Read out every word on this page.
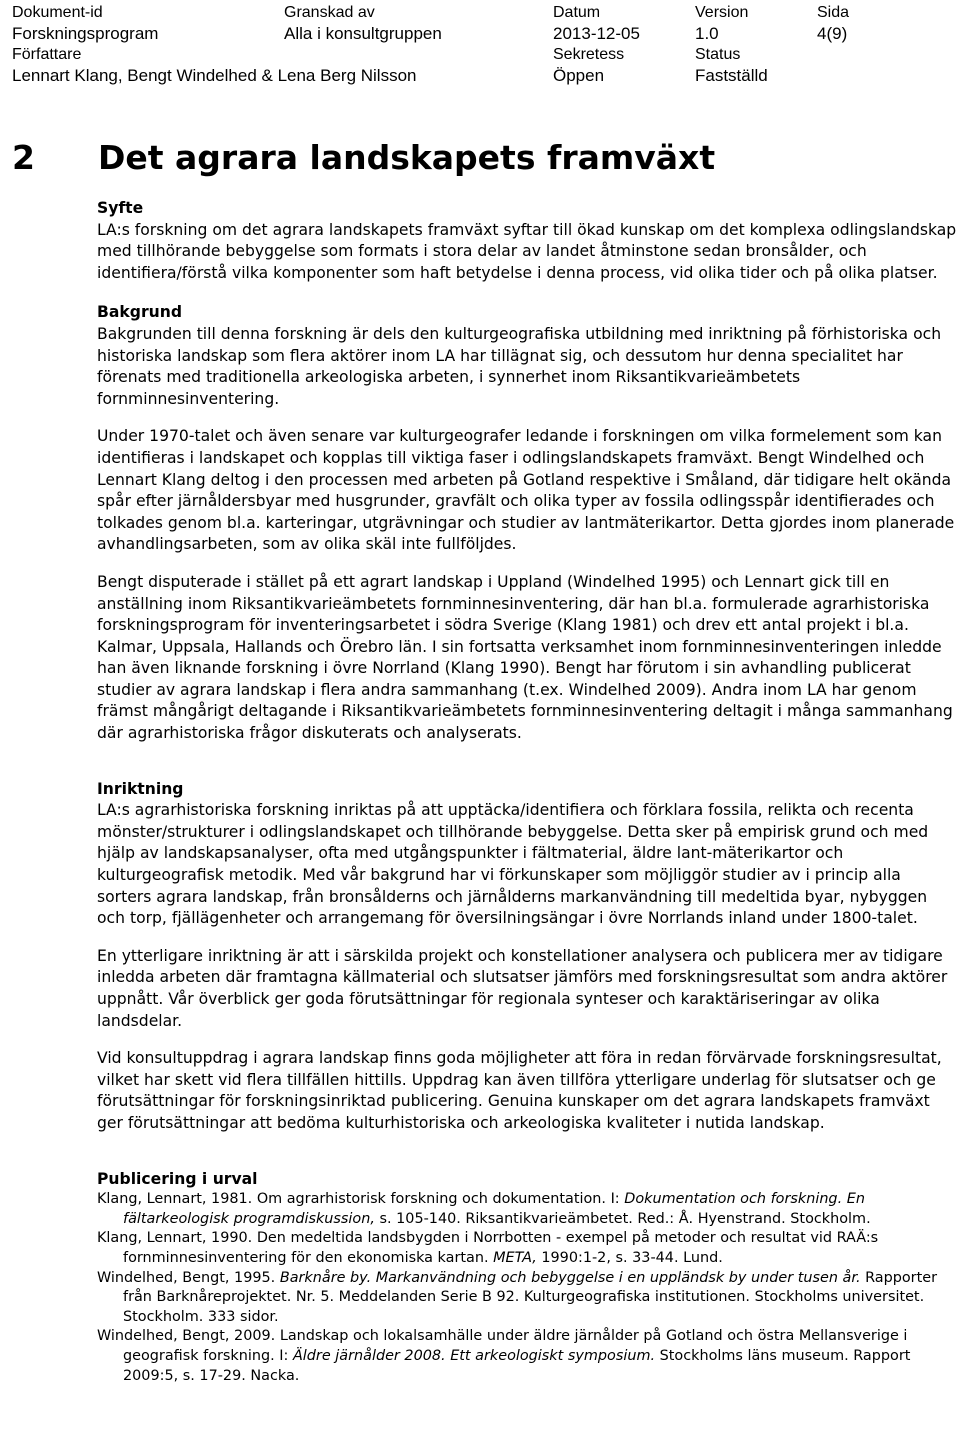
Dokument-id
Forskningsprogram
Granskad av
Alla i konsultgruppen
Datum
2013-12-05
Version
1.0
Sida
4(9)
Författare
Lennart Klang, Bengt Windelhed & Lena Berg Nilsson
Sekretess
Öppen
Status
Fastställd
2 Det agrara landskapets framväxt
Syfte

LA:s forskning om det agrara landskapets framväxt syftar till ökad kunskap om det komplexa odlingslandskap med tillhörande bebyggelse som formats i stora delar av landet åtminstone sedan bronsålder, och identifiera/förstå vilka komponenter som haft betydelse i denna process, vid olika tider och på olika platser.

Bakgrund

Bakgrunden till denna forskning är dels den kulturgeografiska utbildning med inriktning på förhistoriska och historiska landskap som flera aktörer inom LA har tillägnat sig, och dessutom hur denna specialitet har förenats med traditionella arkeologiska arbeten, i synnerhet inom Riksantikvarieämbetets fornminnesinventering.

Under 1970-talet och även senare var kulturgeografer ledande i forskningen om vilka formelement som kan identifieras i landskapet och kopplas till viktiga faser i odlingslandskapets framväxt. Bengt Windelhed och Lennart Klang deltog i den processen med arbeten på Gotland respektive i Småland, där tidigare helt okända spår efter järnåldersbyar med husgrunder, gravfält och olika typer av fossila odlingsspår identifierades och tolkades genom bl.a. karteringar, utgrävningar och studier av lantmäterikartor. Detta gjordes inom planerade avhandlingsarbeten, som av olika skäl inte fullföljdes.

Bengt disputerade i stället på ett agrart landskap i Uppland (Windelhed 1995) och Lennart gick till en anställning inom Riksantikvarieämbetets fornminnesinventering, där han bl.a. formulerade agrarhistoriska forskningsprogram för inventeringsarbetet i södra Sverige (Klang 1981) och drev ett antal projekt i bl.a. Kalmar, Uppsala, Hallands och Örebro län. I sin fortsatta verksamhet inom fornminnesinventeringen inledde han även liknande forskning i övre Norrland (Klang 1990). Bengt har förutom i sin avhandling publicerat studier av agrara landskap i flera andra sammanhang (t.ex. Windelhed 2009). Andra inom LA har genom främst mångårigt deltagande i Riksantikvarieämbetets fornminnesinventering deltagit i många sammanhang där agrarhistoriska frågor diskuterats och analyserats.

Inriktning

LA:s agrarhistoriska forskning inriktas på att upptäcka/identifiera och förklara fossila, relikta och recenta mönster/strukturer i odlingslandskapet och tillhörande bebyggelse. Detta sker på empirisk grund och med hjälp av landskapsanalyser, ofta med utgångspunkter i fältmaterial, äldre lant-mäterikartor och kulturgeografisk metodik. Med vår bakgrund har vi förkunskaper som möjliggör studier av i princip alla sorters agrara landskap, från bronsålderns och järnålderns markanvändning till medeltida byar, nybyggen och torp, fjällägenheter och arrangemang för översilningsängar i övre Norrlands inland under 1800-talet.

En ytterligare inriktning är att i särskilda projekt och konstellationer analysera och publicera mer av tidigare inledda arbeten där framtagna källmaterial och slutsatser jämförs med forskningsresultat som andra aktörer uppnått. Vår överblick ger goda förutsättningar för regionala synteser och karaktäriseringar av olika landsdelar.

Vid konsultuppdrag i agrara landskap finns goda möjligheter att föra in redan förvärvade forskningsresultat, vilket har skett vid flera tillfällen hittills. Uppdrag kan även tillföra ytterligare underlag för slutsatser och ge förutsättningar för forskningsinriktad publicering. Genuina kunskaper om det agrara landskapets framväxt ger förutsättningar att bedöma kulturhistoriska och arkeologiska kvaliteter i nutida landskap.

Publicering i urval
Klang, Lennart, 1981. Om agrarhistorisk forskning och dokumentation. I: Dokumentation och forskning. En fältarkeologisk programdiskussion, s. 105-140. Riksantikvarieämbetet. Red.: Å. Hyenstrand. Stockholm.
Klang, Lennart, 1990. Den medeltida landsbygden i Norrbotten - exempel på metoder och resultat vid RAÄ:s fornminnesinventering för den ekonomiska kartan. META, 1990:1-2, s. 33-44. Lund.
Windelhed, Bengt, 1995. Barknåre by. Markanvändning och bebyggelse i en uppländsk by under tusen år. Rapporter från Barknåreprojektet. Nr. 5. Meddelanden Serie B 92. Kulturgeografiska institutionen. Stockholms universitet. Stockholm. 333 sidor.
Windelhed, Bengt, 2009. Landskap och lokalsamhälle under äldre järnålder på Gotland och östra Mellansverige i geografisk forskning. I: Äldre järnålder 2008. Ett arkeologiskt symposium. Stockholms läns museum. Rapport 2009:5, s. 17-29. Nacka.
